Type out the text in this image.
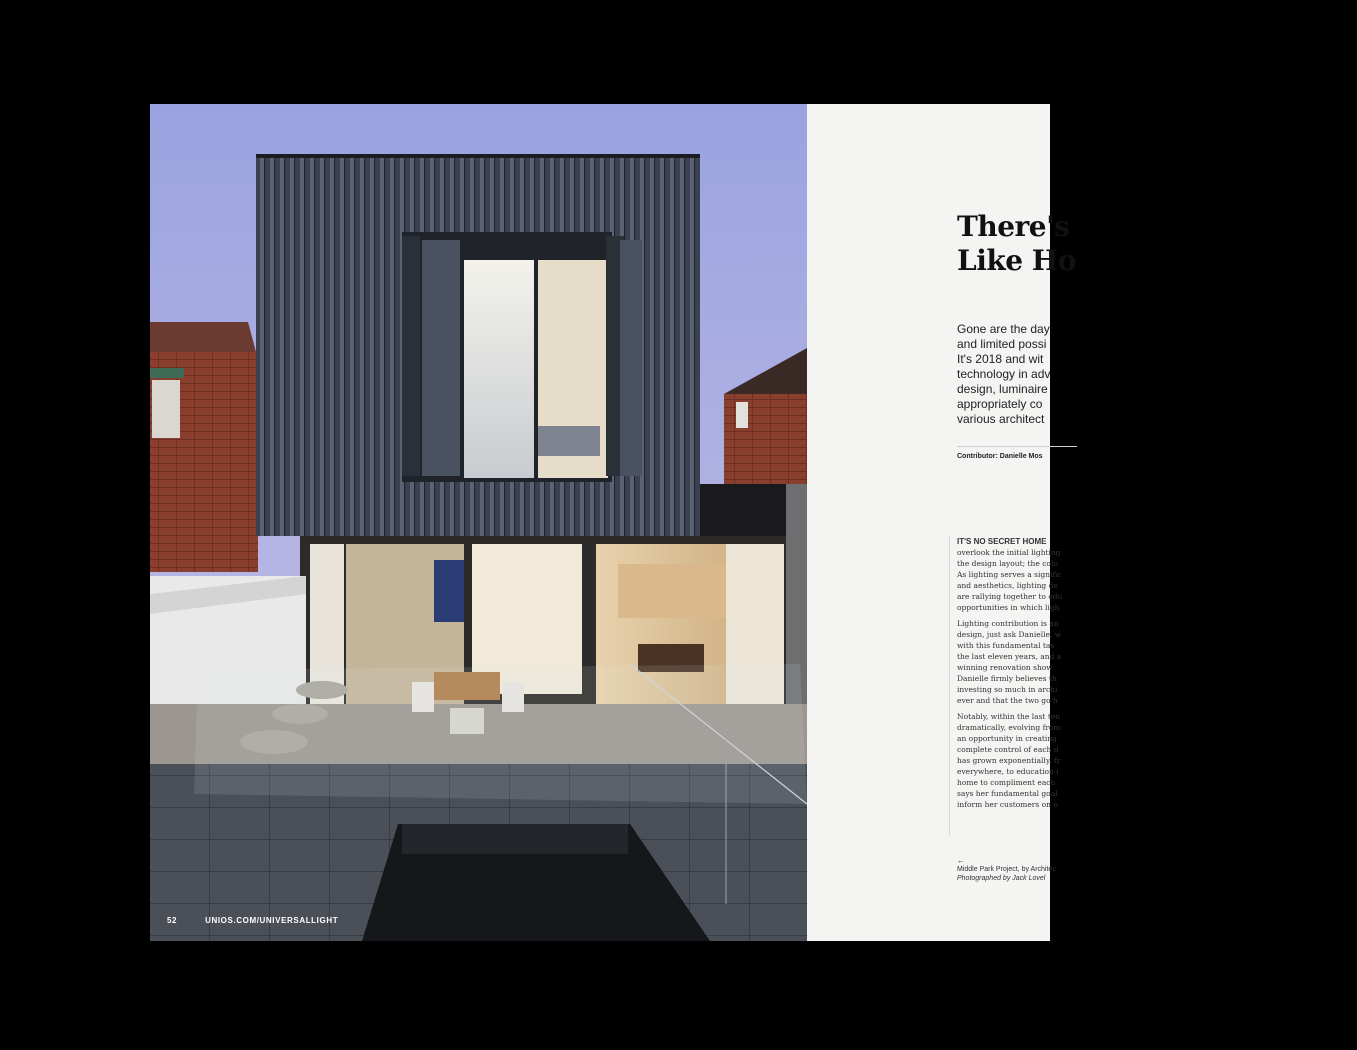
52	UNIOS.COM/UNIVERSALLIGHT
There's
Like Ho

Gone are the day
and limited possi
It's 2018 and wit
technology in adv
design, luminaire
appropriately co
various architect

Contributor: Danielle Mos

IT'S NO SECRET HOME
overlook the initial lighting
the design layout; the colo
As lighting serves a signific
and aesthetics, lighting de
are rallying together to edu
opportunities in which ligh

Lighting contribution is an
design, just ask Danielle, w
with this fundamental tas
the last eleven years, and a
winning renovation show
Danielle firmly believes th
investing so much in archi
ever and that the two go h

Notably, within the last ten
dramatically, evolving from
an opportunity in creating
complete control of each d
has grown exponentially, fr
everywhere, to education i
home to compliment each
says her fundamental goal
inform her customers on o

←
Middle Park Project, by Architec
Photographed by Jack Lovel
